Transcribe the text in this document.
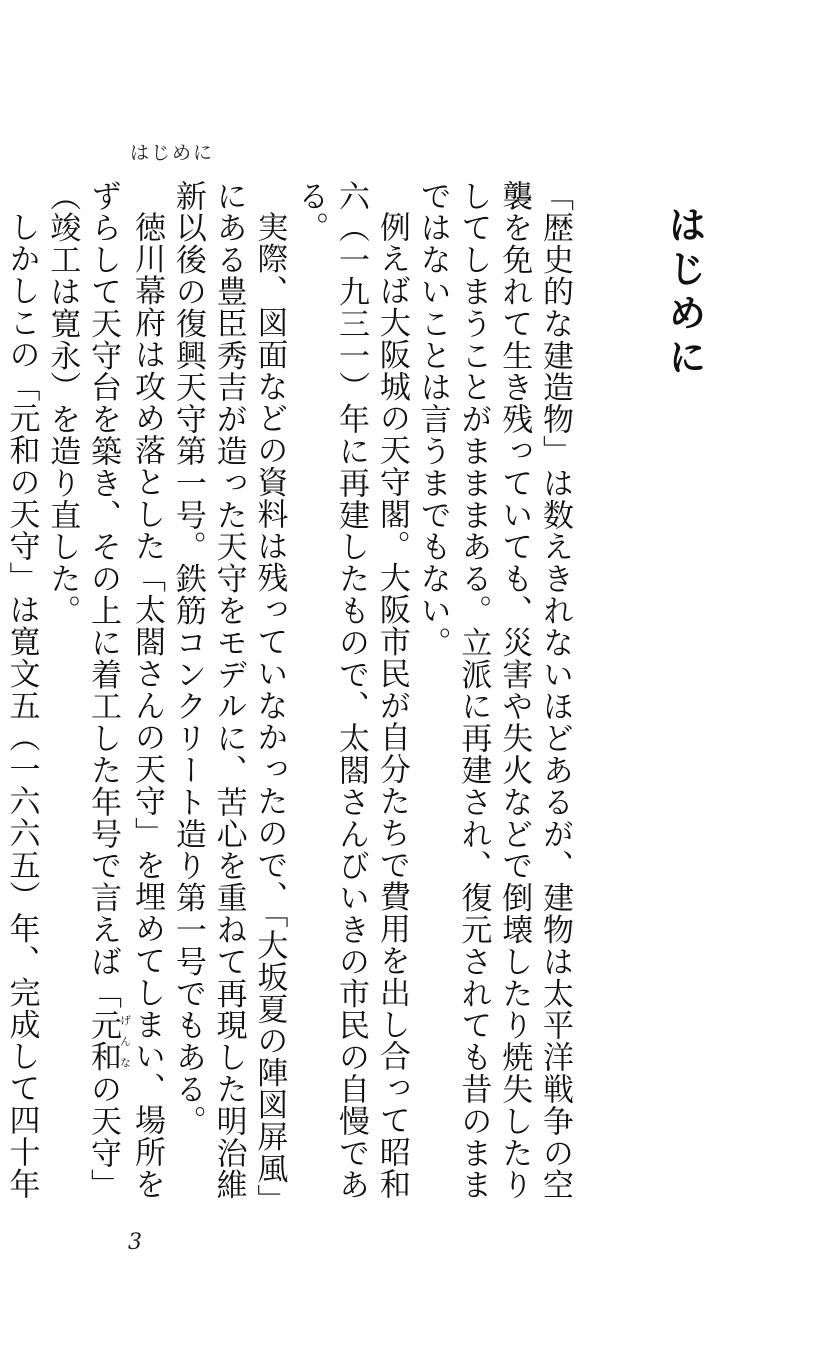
はじめに
はじめに

「歴史的な建造物」は数えきれないほどあるが、建物は太平洋戦争の空襲を免れて生き残っていても、災害や失火などで倒壊したり焼失したりしてしまうことがまままある。立派に再建され、復元されても昔のままではないことは言うまでもない。

例えば大阪城の天守閣。大阪市民が自分たちで費用を出し合って昭和六（一九三一）年に再建したもので、太閤さんびいきの市民の自慢である。

実際、図面などの資料は残っていなかったので、「大坂夏の陣図屏風」にある豊臣秀吉が造った天守をモデルに、苦心を重ねて再現した明治維新以後の復興天守第一号。鉄筋コンクリート造り第一号でもある。

徳川幕府は攻め落とした「太閤さんの天守」を埋めてしまい、場所をずらして天守台を築き、その上に着工した年号で言えば「元和げんなの天守」（竣工は寛永）を造り直した。

しかしこの「元和の天守」は寛文五（一六六五）年、完成して四十年

3
